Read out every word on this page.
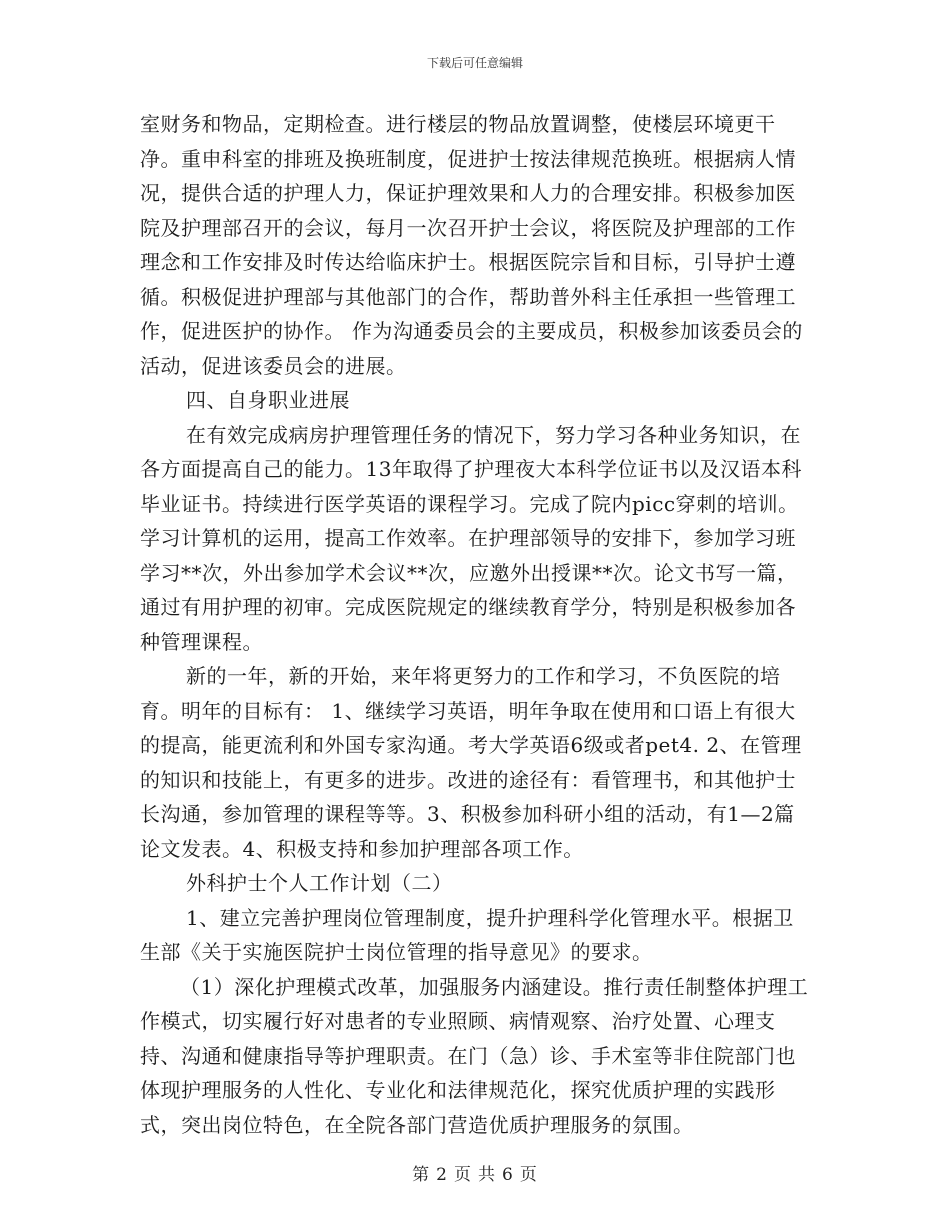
下载后可任意编辑

室财务和物品，定期检查。进行楼层的物品放置调整，使楼层环境更干净。重申科室的排班及换班制度，促进护士按法律规范换班。根据病人情况，提供合适的护理人力，保证护理效果和人力的合理安排。积极参加医院及护理部召开的会议，每月一次召开护士会议，将医院及护理部的工作理念和工作安排及时传达给临床护士。根据医院宗旨和目标，引导护士遵循。积极促进护理部与其他部门的合作，帮助普外科主任承担一些管理工作，促进医护的协作。 作为沟通委员会的主要成员，积极参加该委员会的活动，促进该委员会的进展。

四、自身职业进展

在有效完成病房护理管理任务的情况下，努力学习各种业务知识，在各方面提高自己的能力。13年取得了护理夜大本科学位证书以及汉语本科毕业证书。持续进行医学英语的课程学习。完成了院内picc穿刺的培训。学习计算机的运用，提高工作效率。在护理部领导的安排下，参加学习班学习**次，外出参加学术会议**次，应邀外出授课**次。论文书写一篇，通过有用护理的初审。完成医院规定的继续教育学分，特别是积极参加各种管理课程。

新的一年，新的开始，来年将更努力的工作和学习，不负医院的培育。明年的目标有： 1、继续学习英语，明年争取在使用和口语上有很大的提高，能更流利和外国专家沟通。考大学英语6级或者pet4. 2、在管理的知识和技能上，有更多的进步。改进的途径有：看管理书，和其他护士长沟通，参加管理的课程等等。3、积极参加科研小组的活动，有1—2篇论文发表。4、积极支持和参加护理部各项工作。

外科护士个人工作计划（二）

1、建立完善护理岗位管理制度，提升护理科学化管理水平。根据卫生部《关于实施医院护士岗位管理的指导意见》的要求。

（1）深化护理模式改革，加强服务内涵建设。推行责任制整体护理工作模式，切实履行好对患者的专业照顾、病情观察、治疗处置、心理支持、沟通和健康指导等护理职责。在门（急）诊、手术室等非住院部门也体现护理服务的人性化、专业化和法律规范化，探究优质护理的实践形式，突出岗位特色，在全院各部门营造优质护理服务的氛围。

第 2 页 共 6 页
